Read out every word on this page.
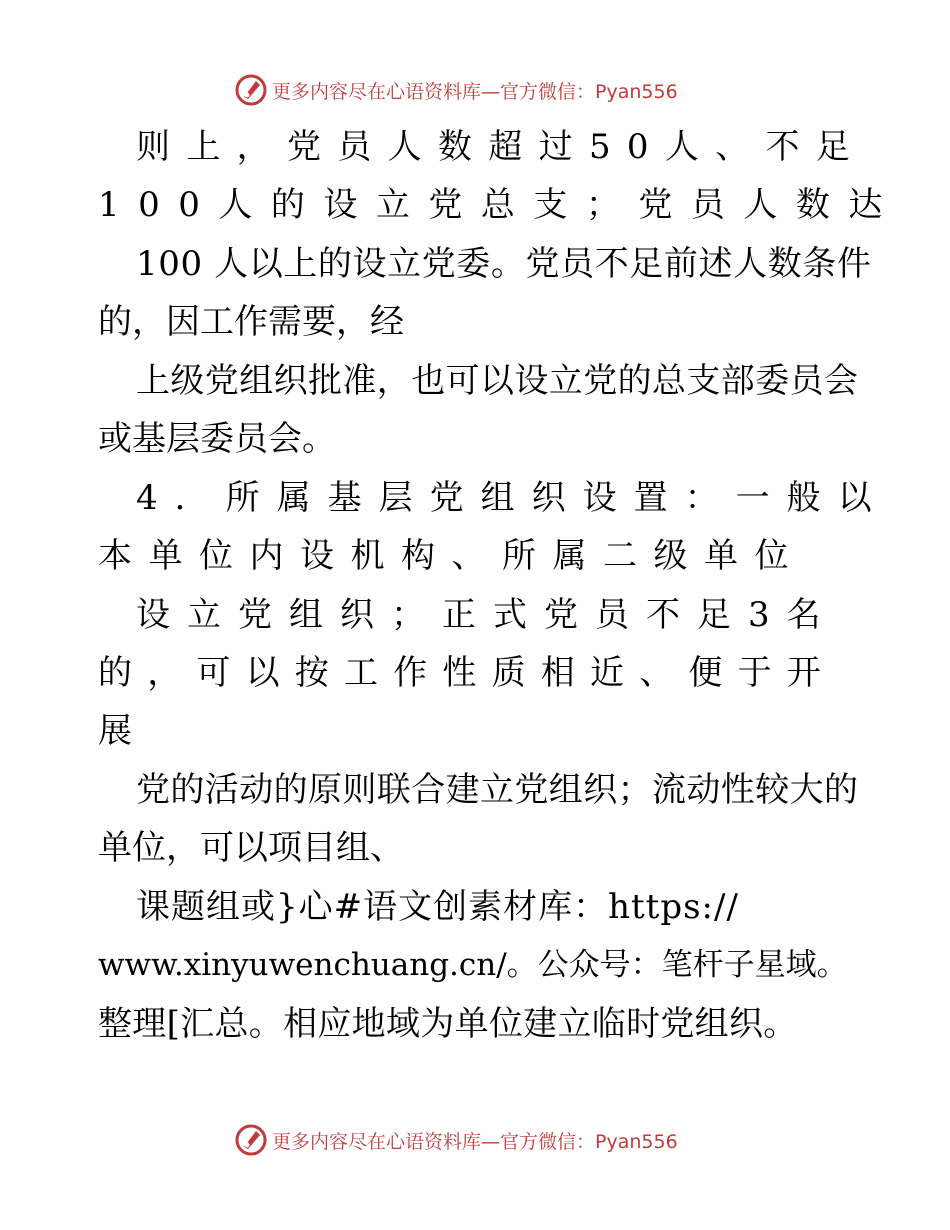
更多内容尽在心语资料库—官方微信：Pyan556
则 上 ， 党 员 人 数 超 过 5 0 人 、 不 足
100人的设立党总支；党员人数达
100 人以上的设立党委。党员不足前述人数条件
的，因工作需要，经
上级党组织批准，也可以设立党的总支部委员会
或基层委员会。
4．所属基层党组织设置：一般以
本单位内设机构、所属二级单位
设立党组织；正式党员不足3名
的，可以按工作性质相近、便于开
展
党的活动的原则联合建立党组织；流动性较大的
单位，可以项目组、
课题组或}心#语文创素材库：https://
www.xinyuwenchuang.cn/。公众号：笔杆子星域。
整理[汇总。相应地域为单位建立临时党组织。
更多内容尽在心语资料库—官方微信：Pyan556
